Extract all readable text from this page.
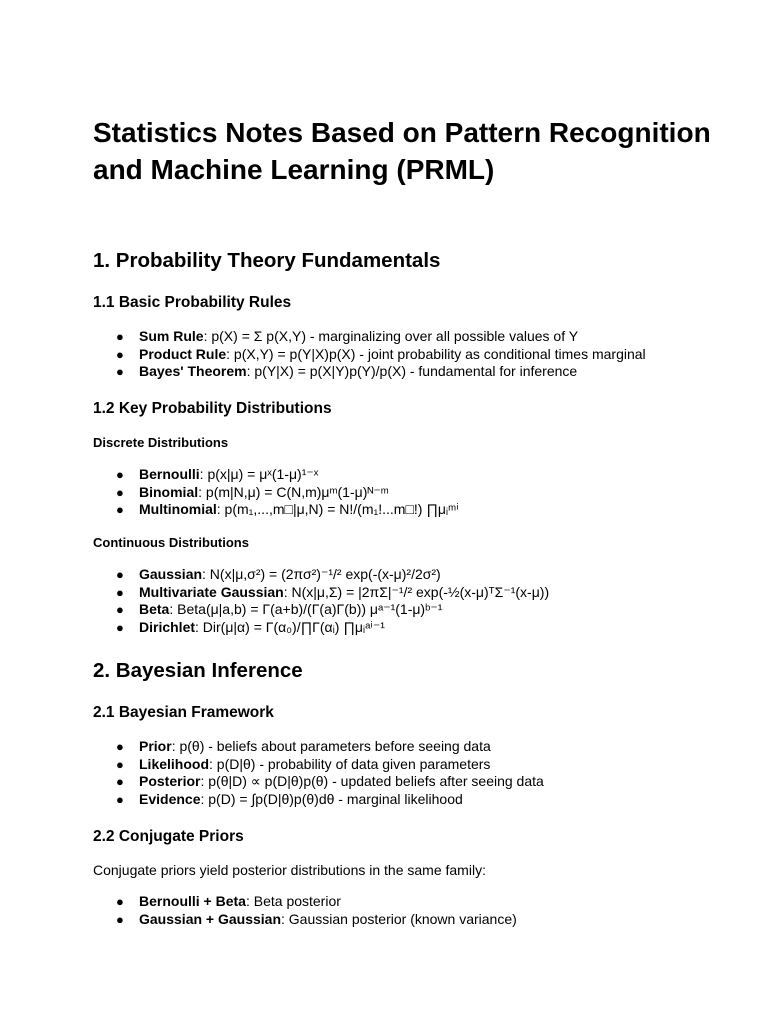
Statistics Notes Based on Pattern Recognition and Machine Learning (PRML)
1. Probability Theory Fundamentals
1.1 Basic Probability Rules
● Sum Rule: p(X) = Σ p(X,Y) - marginalizing over all possible values of Y
● Product Rule: p(X,Y) = p(Y|X)p(X) - joint probability as conditional times marginal
● Bayes' Theorem: p(Y|X) = p(X|Y)p(Y)/p(X) - fundamental for inference
1.2 Key Probability Distributions
Discrete Distributions
● Bernoulli: p(x|μ) = μˣ(1-μ)¹⁻ˣ
● Binomial: p(m|N,μ) = C(N,m)μᵐ(1-μ)ᴺ⁻ᵐ
● Multinomial: p(m₁,...,m□|μ,N) = N!/(m₁!...m□!) ∏μᵢᵐⁱ
Continuous Distributions
● Gaussian: N(x|μ,σ²) = (2πσ²)⁻¹/² exp(-(x-μ)²/2σ²)
● Multivariate Gaussian: N(x|μ,Σ) = |2πΣ|⁻¹/² exp(-½(x-μ)ᵀΣ⁻¹(x-μ))
● Beta: Beta(μ|a,b) = Γ(a+b)/(Γ(a)Γ(b)) μᵃ⁻¹(1-μ)ᵇ⁻¹
● Dirichlet: Dir(μ|α) = Γ(α₀)/∏Γ(αᵢ) ∏μᵢᵃⁱ⁻¹
2. Bayesian Inference
2.1 Bayesian Framework
● Prior: p(θ) - beliefs about parameters before seeing data
● Likelihood: p(D|θ) - probability of data given parameters
● Posterior: p(θ|D) ∝ p(D|θ)p(θ) - updated beliefs after seeing data
● Evidence: p(D) = ∫p(D|θ)p(θ)dθ - marginal likelihood
2.2 Conjugate Priors

Conjugate priors yield posterior distributions in the same family:

● Bernoulli + Beta: Beta posterior
● Gaussian + Gaussian: Gaussian posterior (known variance)
